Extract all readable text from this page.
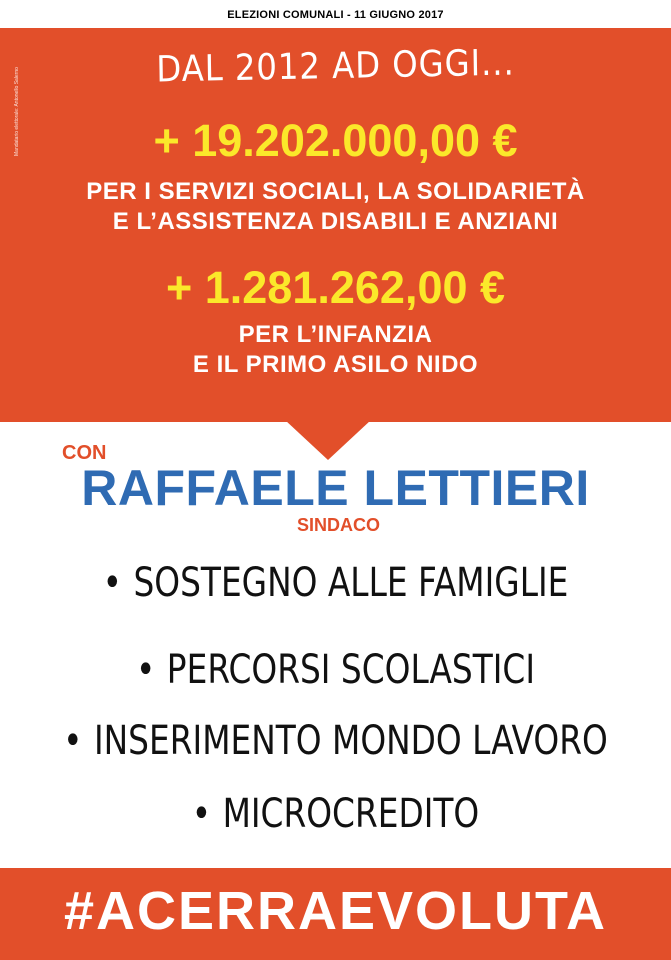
ELEZIONI COMUNALI - 11 GIUGNO 2017
Mandatario elettorale: Antonello Salerno
DAL 2012 AD OGGI...
+ 19.202.000,00 €
PER I SERVIZI SOCIALI, LA SOLIDARIETÀ
E L’ASSISTENZA DISABILI E ANZIANI
+ 1.281.262,00 €
PER L’INFANZIA
E IL PRIMO ASILO NIDO
CON
RAFFAELE LETTIERI
SINDACO
• SOSTEGNO ALLE FAMIGLIE
• PERCORSI SCOLASTICI
• INSERIMENTO MONDO LAVORO
• MICROCREDITO
#ACERRAEVOLUTA
